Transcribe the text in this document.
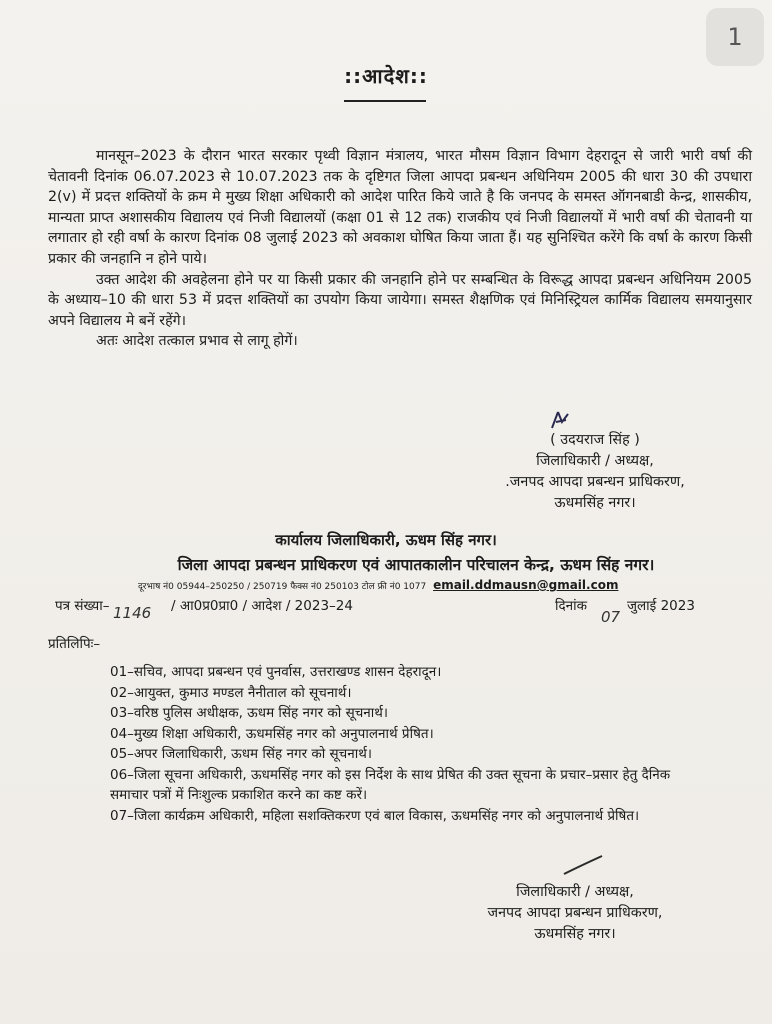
1
::आदेश::

मानसून–2023 के दौरान भारत सरकार पृथ्वी विज्ञान मंत्रालय, भारत मौसम विज्ञान विभाग देहरादून से जारी भारी वर्षा की चेतावनी दिनांक 06.07.2023 से 10.07.2023 तक के दृष्टिगत जिला आपदा प्रबन्धन अधिनियम 2005 की धारा 30 की उपधारा 2(v) में प्रदत्त शक्तियों के क्रम मे मुख्य शिक्षा अधिकारी को आदेश पारित किये जाते है कि जनपद के समस्त ऑगनबाडी केन्द्र, शासकीय, मान्यता प्राप्त अशासकीय विद्यालय एवं निजी विद्यालयों (कक्षा 01 से 12 तक) राजकीय एवं निजी विद्यालयों में भारी वर्षा की चेतावनी या लगातार हो रही वर्षा के कारण दिनांक 08 जुलाई 2023 को अवकाश घोषित किया जाता हैं। यह सुनिश्चित करेंगे कि वर्षा के कारण किसी प्रकार की जनहानि न होने पाये।

उक्त आदेश की अवहेलना होने पर या किसी प्रकार की जनहानि होने पर सम्बन्धित के विरूद्ध आपदा प्रबन्धन अधिनियम 2005 के अध्याय–10 की धारा 53 में प्रदत्त शक्तियों का उपयोग किया जायेगा। समस्त शैक्षणिक एवं मिनिस्ट्रियल कार्मिक विद्यालय समयानुसार अपने विद्यालय मे बनें रहेंगे।

अतः आदेश तत्काल प्रभाव से लागू होगें।

( उदयराज सिंह )
जिलाधिकारी / अध्यक्ष,
.जनपद आपदा प्रबन्धन प्राधिकरण,
ऊधमसिंह नगर।
कार्यालय जिलाधिकारी, ऊधम सिंह नगर।
जिला आपदा प्रबन्धन प्राधिकरण एवं आपातकालीन परिचालन केन्द्र, ऊधम सिंह नगर।
दूरभाष नं0 05944–250250 / 250719 फैक्स नं0 250103 टोल फ्री नं0 1077 email.ddmausn@gmail.com
पत्र संख्या– 1146 / आ0प्र0प्रा0 / आदेश / 2023–24	दिनांक
07
जुलाई 2023
प्रतिलिपिः–
01–सचिव, आपदा प्रबन्धन एवं पुनर्वास, उत्तराखण्ड शासन देहरादून।
02–आयुक्त, कुमाउ मण्डल नैनीताल को सूचनार्थ।
03–वरिष्ठ पुलिस अधीक्षक, ऊधम सिंह नगर को सूचनार्थ।
04–मुख्य शिक्षा अधिकारी, ऊधमसिंह नगर को अनुपालनार्थ प्रेषित।
05–अपर जिलाधिकारी, ऊधम सिंह नगर को सूचनार्थ।
06–जिला सूचना अधिकारी, ऊधमसिंह नगर को इस निर्देश के साथ प्रेषित की उक्त सूचना के प्रचार–प्रसार हेतु दैनिक समाचार पत्रों में निःशुल्क प्रकाशित करने का कष्ट करें।
07–जिला कार्यक्रम अधिकारी, महिला सशक्तिकरण एवं बाल विकास, ऊधमसिंह नगर को अनुपालनार्थ प्रेषित।
जिलाधिकारी / अध्यक्ष,
जनपद आपदा प्रबन्धन प्राधिकरण,
ऊधमसिंह नगर।
